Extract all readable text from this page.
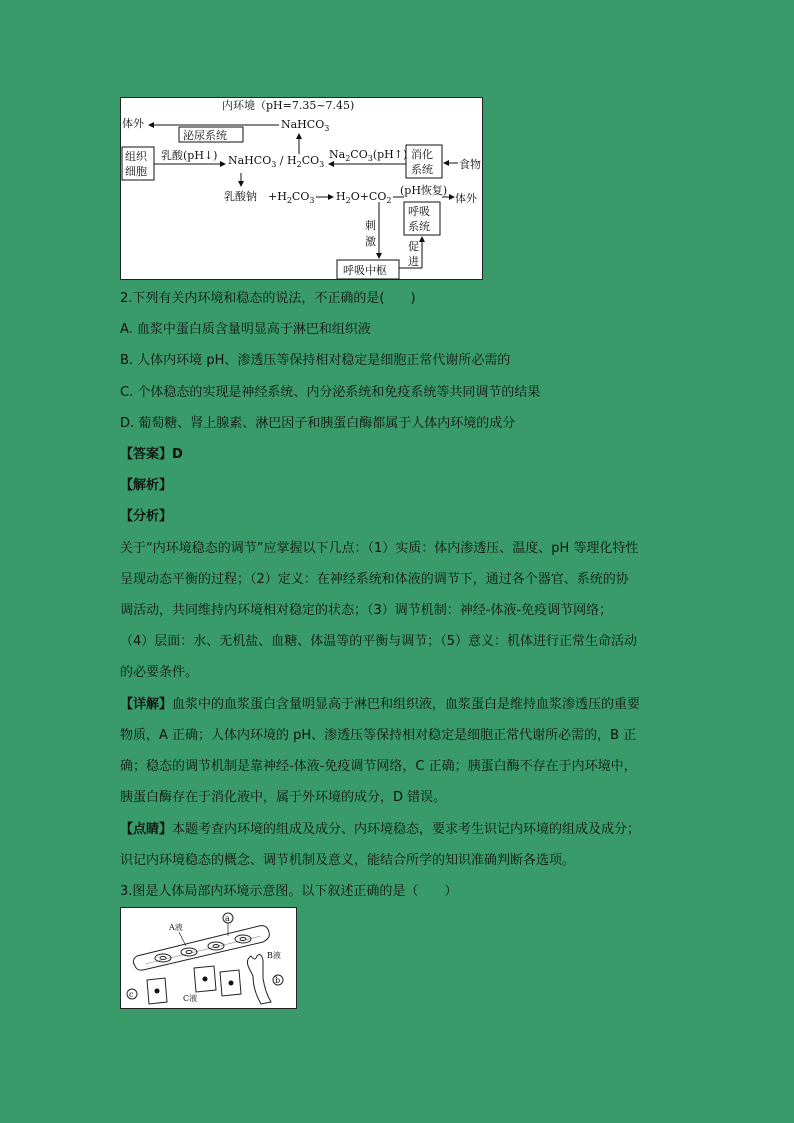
内环境（pH=7.35~7.45)
体外
泌尿系统
NaHCO$_3$
组织
细胞
乳酸(pH↓) NaHCO$_3$ / $H_2CO_3$
$Na_2CO_3(pH↑)$ 消化
系统 食物
乳酸钠 $+H_2CO_3$ $H_2O+CO_2$
(pH恢复)
体外
呼吸
系统
刺
激	促
进
呼吸中枢
2.下列有关内环境和稳态的说法，不正确的是(　　)
A. 血浆中蛋白质含量明显高于淋巴和组织液
B. 人体内环境 pH、渗透压等保持相对稳定是细胞正常代谢所必需的
C. 个体稳态的实现是神经系统、内分泌系统和免疫系统等共同调节的结果
D. 葡萄糖、肾上腺素、淋巴因子和胰蛋白酶都属于人体内环境的成分
【答案】D
【解析】
【分析】
关于“内环境稳态的调节”应掌握以下几点：（1）实质：体内渗透压、温度、pH 等理化特性
呈现动态平衡的过程；（2）定义：在神经系统和体液的调节下，通过各个器官、系统的协
调活动，共同维持内环境相对稳定的状态；（3）调节机制：神经-体液-免疫调节网络；
（4）层面：水、无机盐、血糖、体温等的平衡与调节；（5）意义：机体进行正常生命活动
的必要条件。
【详解】血浆中的血浆蛋白含量明显高于淋巴和组织液，血浆蛋白是维持血浆渗透压的重要
物质，A 正确；人体内环境的 pH、渗透压等保持相对稳定是细胞正常代谢所必需的，B 正
确；稳态的调节机制是靠神经-体液-免疫调节网络，C 正确；胰蛋白酶不存在于内环境中，
胰蛋白酶存在于消化液中，属于外环境的成分，D 错误。
【点睛】本题考查内环境的组成及成分、内环境稳态，要求考生识记内环境的组成及成分；
识记内环境稳态的概念、调节机制及意义，能结合所学的知识准确判断各选项。
3.图是人体局部内环境示意图。以下叙述正确的是（　　）
A液
a
B液
b
c	C液
